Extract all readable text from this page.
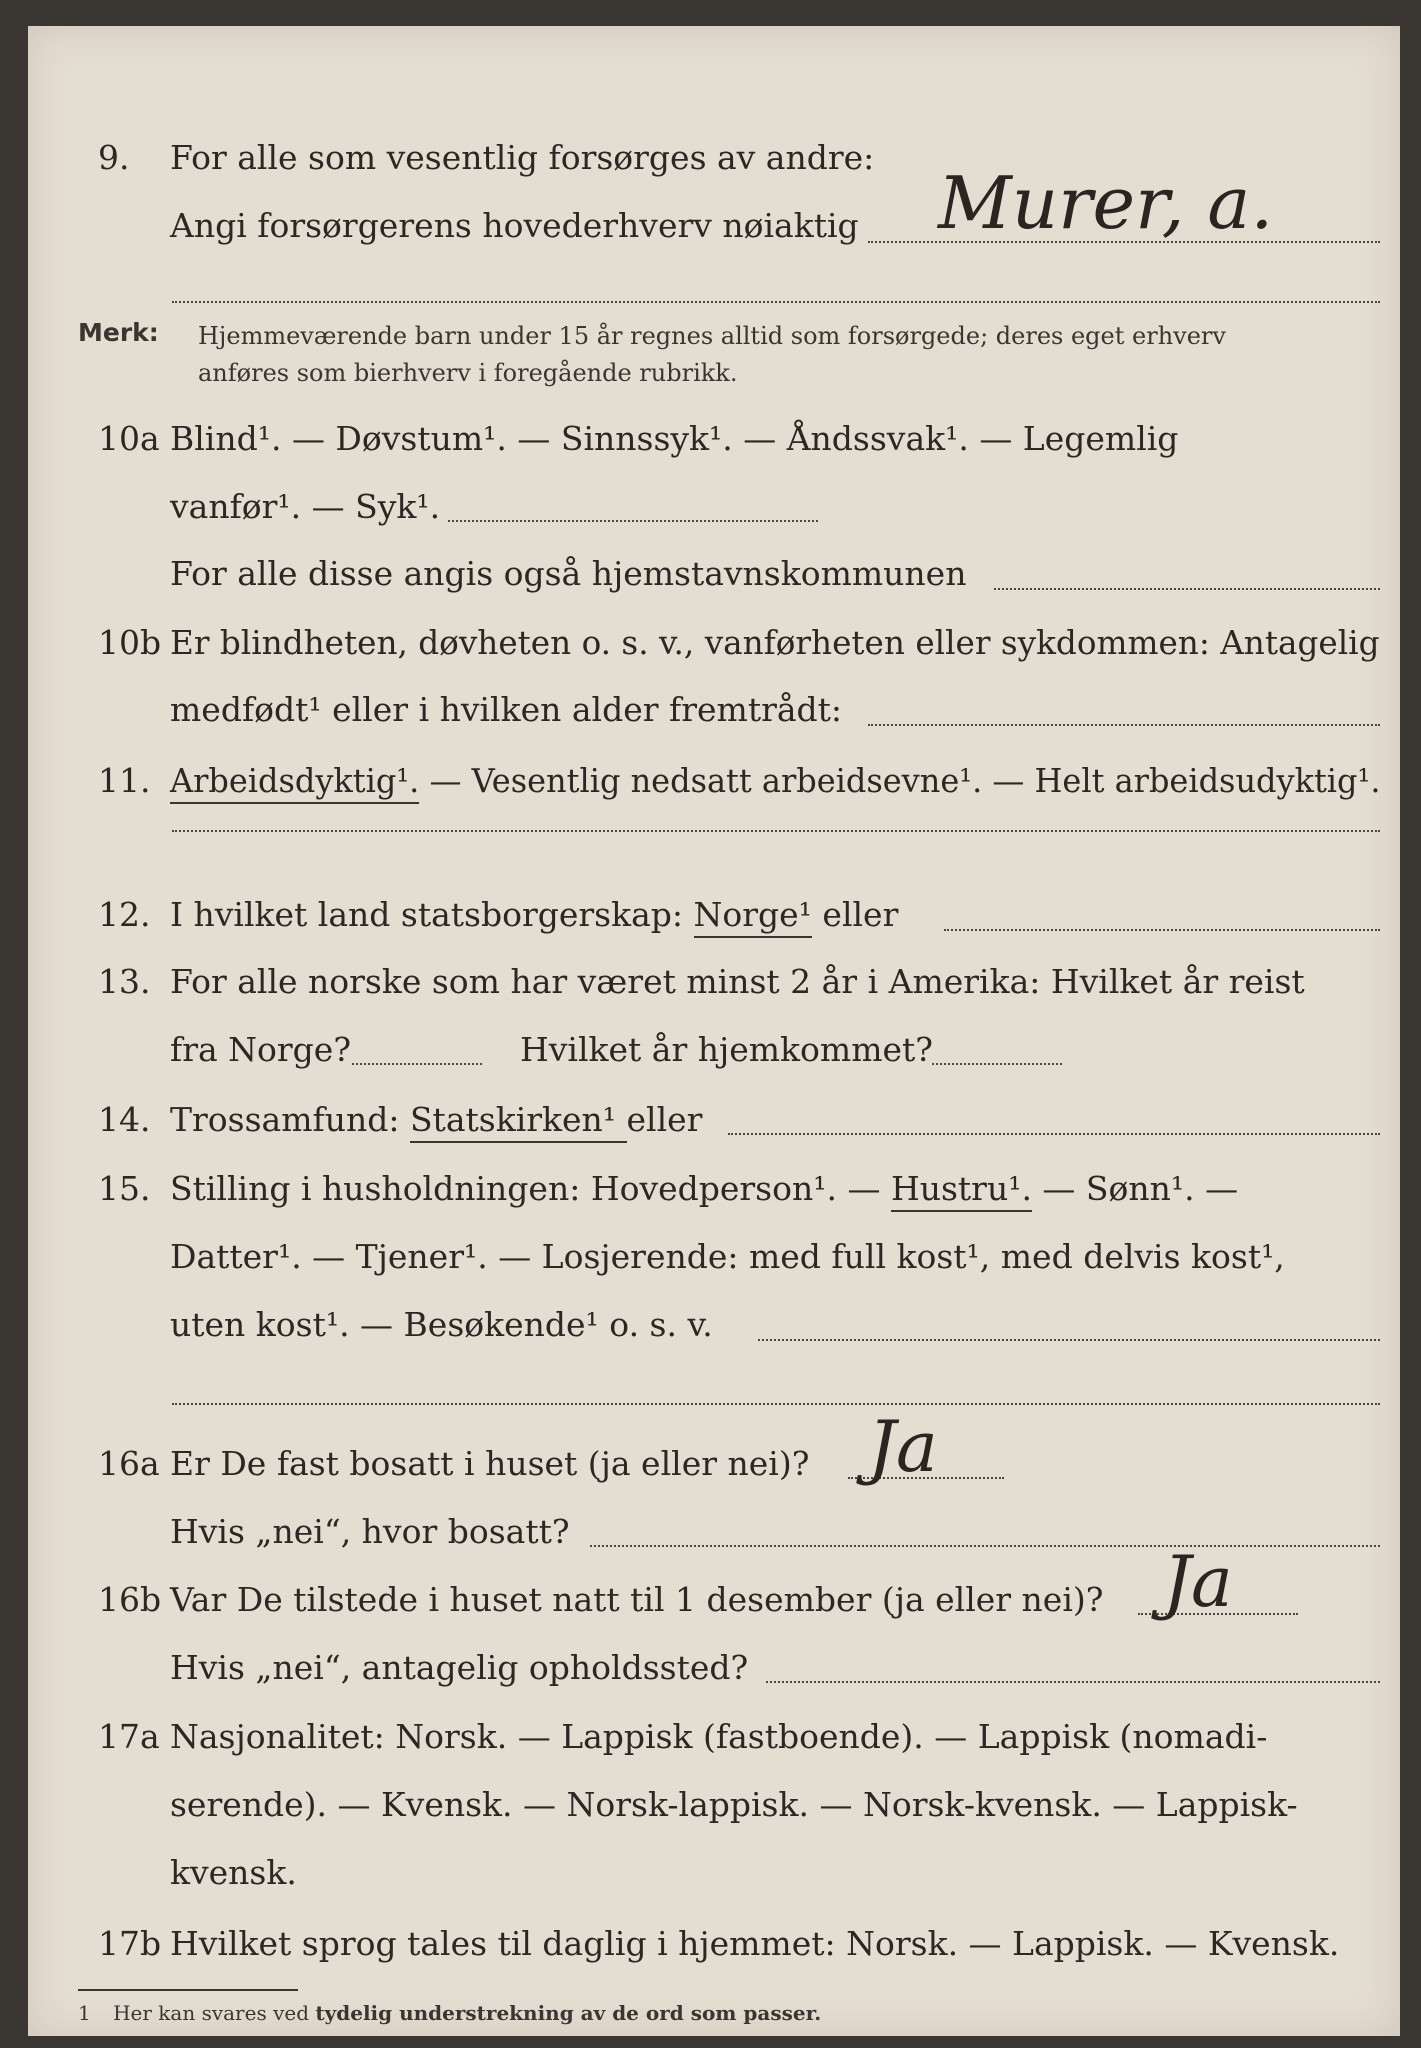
9. For alle som vesentlig forsørges av andre:
Angi forsørgerens hovederhverv nøiaktig Murer, a.
Merk: Hjemmeværende barn under 15 år regnes alltid som forsørgede; deres eget erhverv
anføres som bierhverv i foregående rubrikk.
10a Blind¹. — Døvstum¹. — Sinnssyk¹. — Åndssvak¹. — Legemlig
vanfør¹. — Syk¹.
For alle disse angis også hjemstavnskommunen
10b Er blindheten, døvheten o. s. v., vanførheten eller sykdommen: Antagelig
medfødt¹ eller i hvilken alder fremtrådt:
11. Arbeidsdyktig¹. — Vesentlig nedsatt arbeidsevne¹. — Helt arbeidsudyktig¹.
12. I hvilket land statsborgerskap: Norge¹ eller
13. For alle norske som har været minst 2 år i Amerika: Hvilket år reist
fra Norge?	Hvilket år hjemkommet?
14. Trossamfund: Statskirken¹ eller
15. Stilling i husholdningen: Hovedperson¹. — Hustru¹. — Sønn¹. —
Datter¹. — Tjener¹. — Losjerende: med full kost¹, med delvis kost¹,
uten kost¹. — Besøkende¹ o. s. v.
16a Er De fast bosatt i huset (ja eller nei)? Ja
Hvis „nei“, hvor bosatt?
16b Var De tilstede i huset natt til 1 desember (ja eller nei)? Ja
Hvis „nei“, antagelig opholdssted?
17a Nasjonalitet: Norsk. — Lappisk (fastboende). — Lappisk (nomadi-
serende). — Kvensk. — Norsk-lappisk. — Norsk-kvensk. — Lappisk-
kvensk.
17b Hvilket sprog tales til daglig i hjemmet: Norsk. — Lappisk. — Kvensk.
1 Her kan svares ved tydelig understrekning av de ord som passer.
